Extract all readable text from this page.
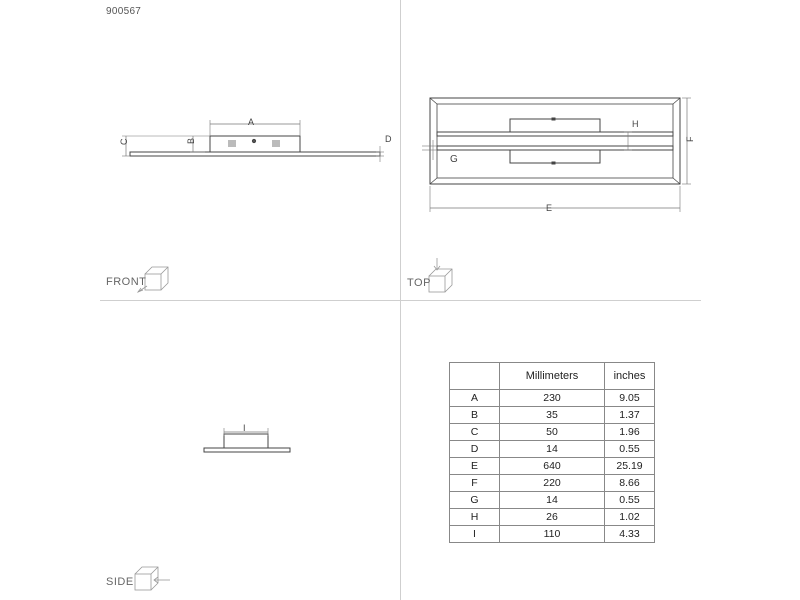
900567
A
B
C	D
E
F
G
H
I
FRONT	TOP
SIDE
	Millimeters	inches
A	230	9.05
B	35	1.37
C	50	1.96
D	14	0.55
E	640	25.19
F	220	8.66
G	14	0.55
H	26	1.02
I	110	4.33
